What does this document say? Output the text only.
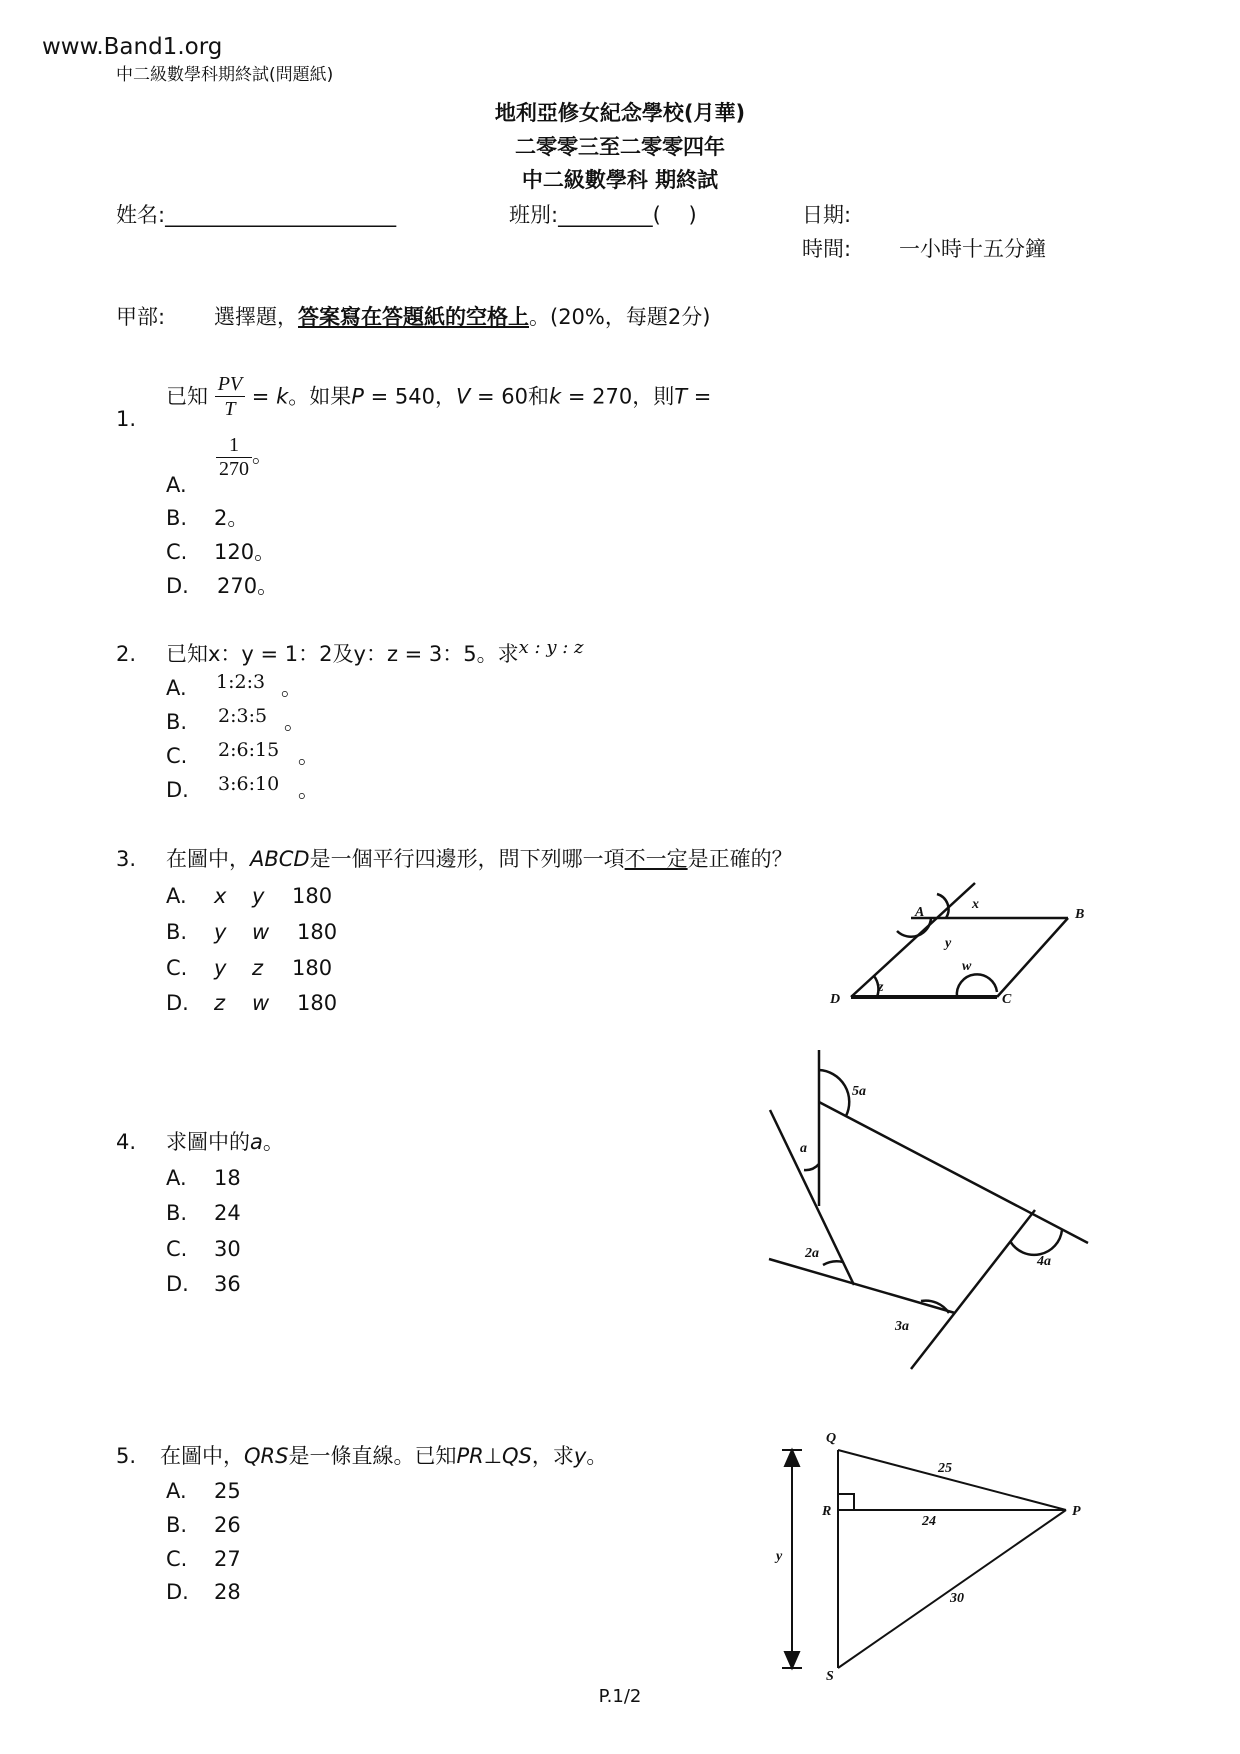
www.Band1.org
中二級數學科期終試(問題紙)
地利亞修女紀念學校(月華)
二零零三至二零零四年
中二級數學科 期終試
姓名:______________________	班別:_________(　 )	日期:
時間: 一小時十五分鐘
甲部: 選擇題，答案寫在答題紙的空格上。(20%，每題2分)
1.
已知 $\frac{PV}{T} = k$。如果P = 540，V = 60和k = 270，則T =
A.
$\frac{1}{270}$ 。
B. 2。
C. 120。
D. 270。
2. 已知x：y = 1：2及y：z = 3：5。求x : y : z
A. 1:2:3 。
B. 2:3:5 。
C. 2:6:15 。
D. 3:6:10 。
3. 在圖中，ABCD是一個平行四邊形，問下列哪一項不一定是正確的？
A. x y 180
B. y w 180
C. y z 180
D. z w 180
A	B
C
D
x
y
w
z
5a
a
2a
3a
4a
Q
R
S
P
y
25
24
30
4. 求圖中的a。
A. 18
B. 24
C. 30
D. 36
5. 在圖中，QRS是一條直線。已知PR⊥QS，求y。
A. 25
B. 26
C. 27
D. 28
P.1/2
